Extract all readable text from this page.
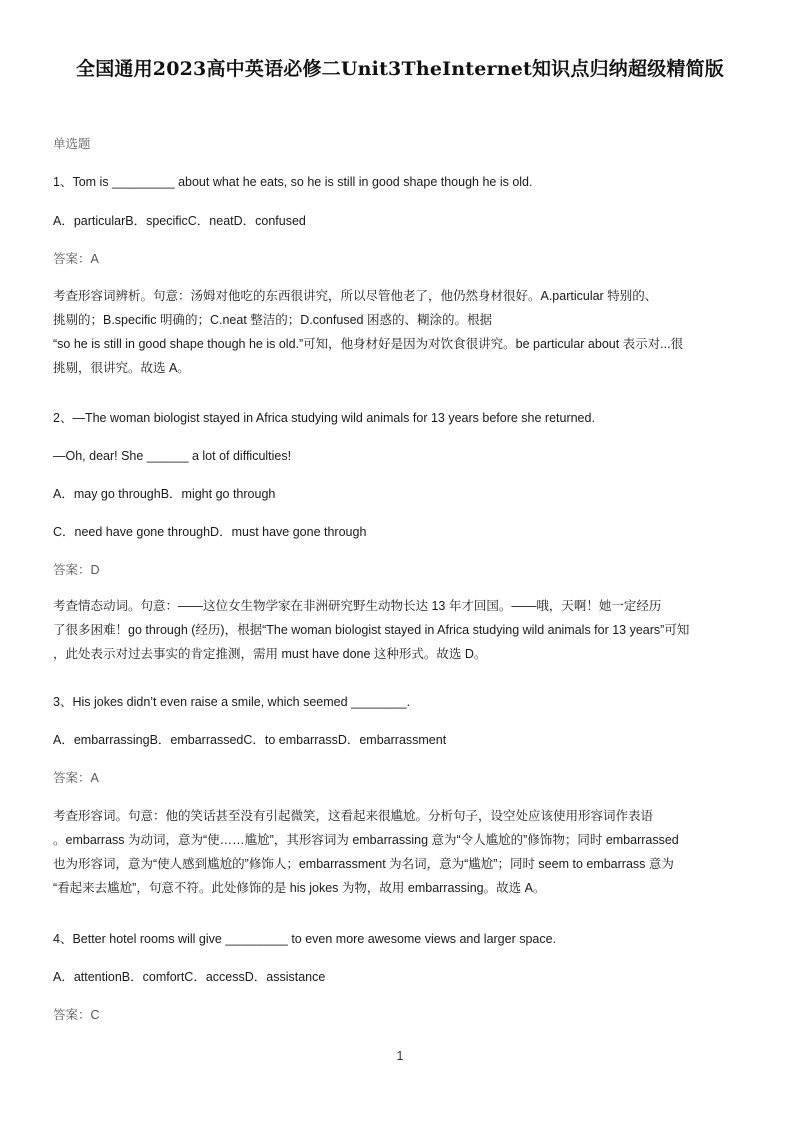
全国通用2023高中英语必修二Unit3TheInternet知识点归纳超级精简版
单选题
1、Tom is _________ about what he eats, so he is still in good shape though he is old.
A．particularB．specificC．neatD．confused
答案：A
考查形容词辨析。句意：汤姆对他吃的东西很讲究，所以尽管他老了，他仍然身材很好。A.particular 特别的、
挑剔的；B.specific 明确的；C.neat 整洁的；D.confused 困惑的、糊涂的。根据
“so he is still in good shape though he is old.”可知，他身材好是因为对饮食很讲究。be particular about 表示对...很
挑剔，很讲究。故选 A。
2、—The woman biologist stayed in Africa studying wild animals for 13 years before she returned.
—Oh, dear! She ______ a lot of difficulties!
A．may go throughB．might go through
C．need have gone throughD．must have gone through
答案：D
考查情态动词。句意：——这位女生物学家在非洲研究野生动物长达 13 年才回国。——哦，天啊！她一定经历
了很多困难！go through (经历)，根据“The woman biologist stayed in Africa studying wild animals for 13 years”可知
，此处表示对过去事实的肯定推测，需用 must have done 这种形式。故选 D。
3、His jokes didn’t even raise a smile, which seemed ________.
A．embarrassingB．embarrassedC．to embarrassD．embarrassment
答案：A
考查形容词。句意：他的笑话甚至没有引起微笑，这看起来很尴尬。分析句子，设空处应该使用形容词作表语
。embarrass 为动词，意为“使……尴尬”，其形容词为 embarrassing 意为“令人尴尬的”修饰物；同时 embarrassed
也为形容词，意为“使人感到尴尬的”修饰人；embarrassment 为名词，意为“尴尬”；同时 seem to embarrass 意为
“看起来去尴尬”，句意不符。此处修饰的是 his jokes 为物，故用 embarrassing。故选 A。
4、Better hotel rooms will give _________ to even more awesome views and larger space.
A．attentionB．comfortC．accessD．assistance
答案：C
1
